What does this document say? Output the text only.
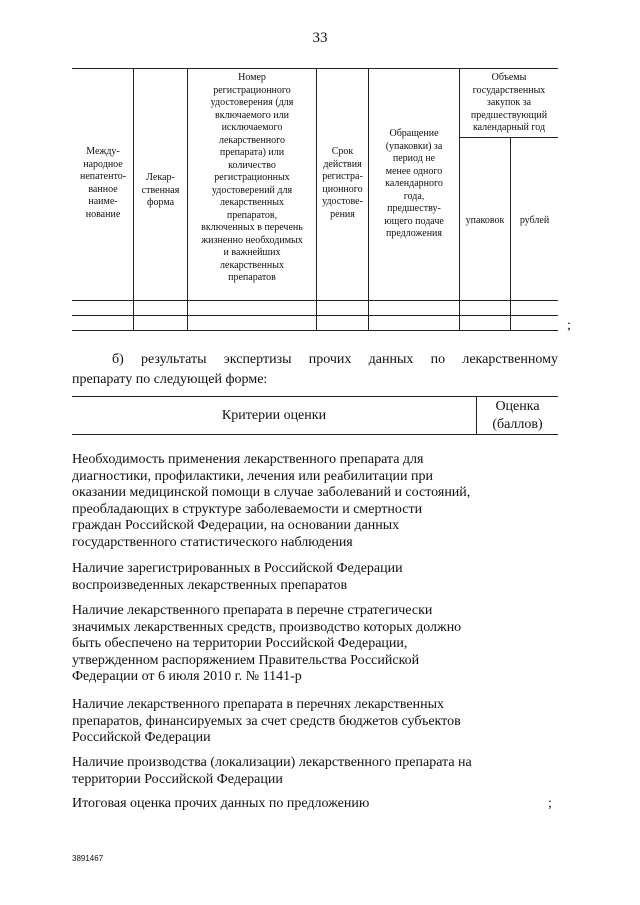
33
Между-
народное
непатенто-
ванное
наиме-
нование
Лекар-
ственная
форма
Номер
регистрационного
удостоверения (для
включаемого или
исключаемого
лекарственного
препарата) или
количество
регистрационных
удостоверений для
лекарственных
препаратов,
включенных в перечень
жизненно необходимых
и важнейших
лекарственных
препаратов
Срок
действия
регистра-
ционного
удостове-
рения
Обращение
(упаковки) за
период не
менее одного
календарного
года,
предшеству-
ющего подаче
предложения
Объемы
государственных
закупок за
предшествующий
календарный год
упаковок	рублей
;
б) результаты экспертизы прочих данных по лекарственному
препарату по следующей форме:
Критерии оценки
Оценка
(баллов)
Необходимость применения лекарственного препарата для диагностики, профилактики, лечения или реабилитации при оказании медицинской помощи в случае заболеваний и состояний, преобладающих в структуре заболеваемости и смертности граждан Российской Федерации, на основании данных государственного статистического наблюдения
Наличие зарегистрированных в Российской Федерации воспроизведенных лекарственных препаратов
Наличие лекарственного препарата в перечне стратегически значимых лекарственных средств, производство которых должно быть обеспечено на территории Российской Федерации, утвержденном распоряжением Правительства Российской Федерации от 6 июля 2010 г. № 1141-р
Наличие лекарственного препарата в перечнях лекарственных препаратов, финансируемых за счет средств бюджетов субъектов Российской Федерации
Наличие производства (локализации) лекарственного препарата на территории Российской Федерации
Итоговая оценка прочих данных по предложению	;
3891467
